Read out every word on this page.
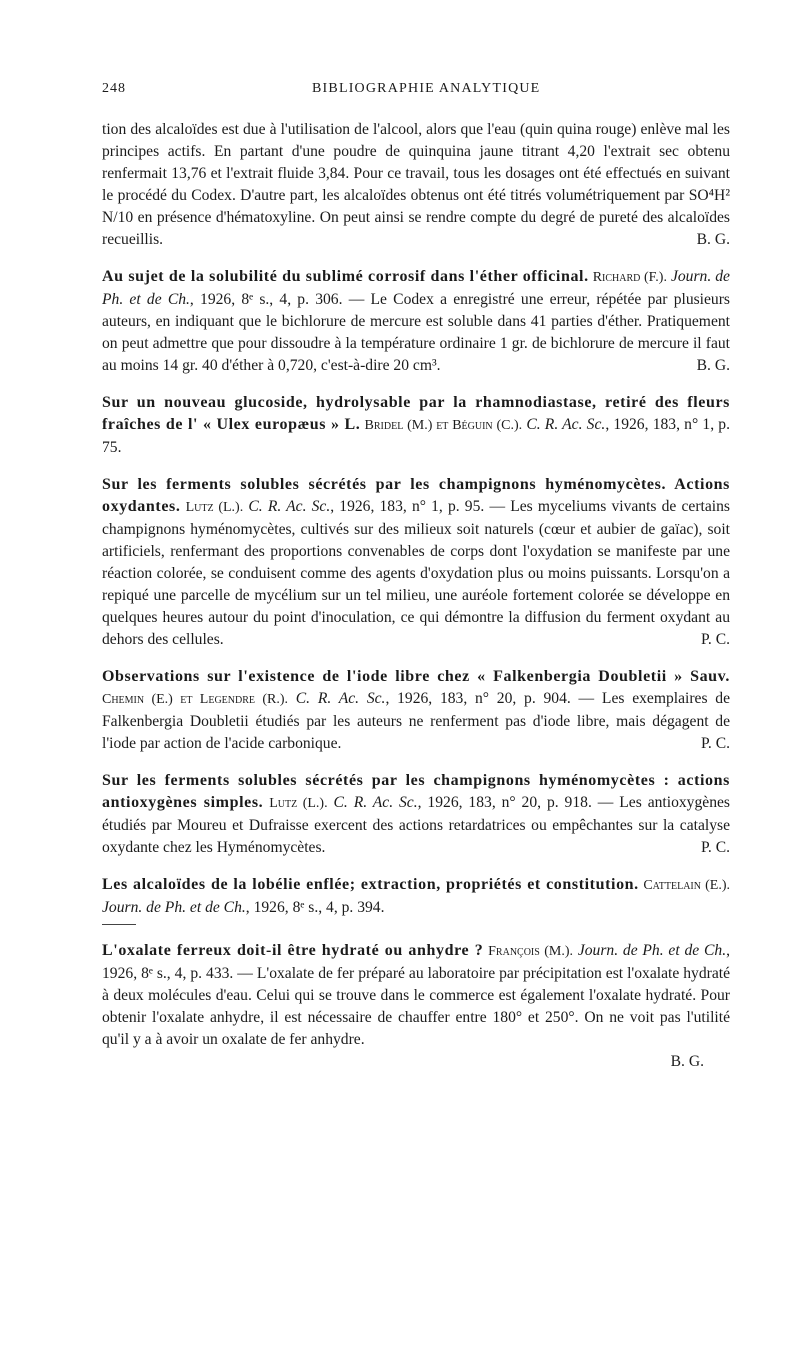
248	BIBLIOGRAPHIE ANALYTIQUE

tion des alcaloïdes est due à l'utilisation de l'alcool, alors que l'eau (quin quina rouge) enlève mal les principes actifs. En partant d'une poudre de quinquina jaune titrant 4,20 l'extrait sec obtenu renfermait 13,76 et l'extrait fluide 3,84. Pour ce travail, tous les dosages ont été effectués en suivant le procédé du Codex. D'autre part, les alcaloïdes obtenus ont été titrés volumétriquement par SO⁴H² N/10 en présence d'hématoxyline. On peut ainsi se rendre compte du degré de pureté des alcaloïdes recueillis.	B. G.

Au sujet de la solubilité du sublimé corrosif dans l'éther officinal. Richard (F.). Journ. de Ph. et de Ch., 1926, 8ᵉ s., 4, p. 306. — Le Codex a enregistré une erreur, répétée par plusieurs auteurs, en indiquant que le bichlorure de mercure est soluble dans 41 parties d'éther. Pratiquement on peut admettre que pour dissoudre à la température ordinaire 1 gr. de bichlorure de mercure il faut au moins 14 gr. 40 d'éther à 0,720, c'est-à-dire 20 cm³.	B. G.

Sur un nouveau glucoside, hydrolysable par la rhamnodiastase, retiré des fleurs fraîches de l' « Ulex europæus » L. Bridel (M.) et Béguin (C.). C. R. Ac. Sc., 1926, 183, n° 1, p. 75.

Sur les ferments solubles sécrétés par les champignons hyménomycètes. Actions oxydantes. Lutz (L.). C. R. Ac. Sc., 1926, 183, n° 1, p. 95. — Les myceliums vivants de certains champignons hyménomycètes, cultivés sur des milieux soit naturels (cœur et aubier de gaïac), soit artificiels, renfermant des proportions convenables de corps dont l'oxydation se manifeste par une réaction colorée, se conduisent comme des agents d'oxydation plus ou moins puissants. Lorsqu'on a repiqué une parcelle de mycélium sur un tel milieu, une auréole fortement colorée se développe en quelques heures autour du point d'inoculation, ce qui démontre la diffusion du ferment oxydant au dehors des cellules.	P. C.

Observations sur l'existence de l'iode libre chez « Falkenbergia Doubletii » Sauv. Chemin (E.) et Legendre (R.). C. R. Ac. Sc., 1926, 183, n° 20, p. 904. — Les exemplaires de Falkenbergia Doubletii étudiés par les auteurs ne renferment pas d'iode libre, mais dégagent de l'iode par action de l'acide carbonique.	P. C.

Sur les ferments solubles sécrétés par les champignons hyménomycètes : actions antioxygènes simples. Lutz (L.). C. R. Ac. Sc., 1926, 183, n° 20, p. 918. — Les antioxygènes étudiés par Moureu et Dufraisse exercent des actions retardatrices ou empêchantes sur la catalyse oxydante chez les Hyménomycètes.	P. C.

Les alcaloïdes de la lobélie enflée; extraction, propriétés et constitution. Cattelain (E.). Journ. de Ph. et de Ch., 1926, 8ᵉ s., 4, p. 394.

L'oxalate ferreux doit-il être hydraté ou anhydre ? François (M.). Journ. de Ph. et de Ch., 1926, 8ᵉ s., 4, p. 433. — L'oxalate de fer préparé au laboratoire par précipitation est l'oxalate hydraté à deux molécules d'eau. Celui qui se trouve dans le commerce est également l'oxalate hydraté. Pour obtenir l'oxalate anhydre, il est nécessaire de chauffer entre 180° et 250°. On ne voit pas l'utilité qu'il y a à avoir un oxalate de fer anhydre.

B. G.
